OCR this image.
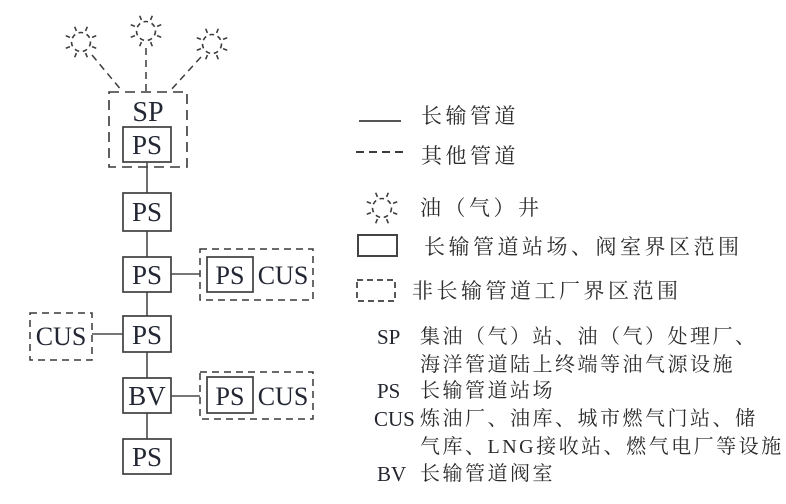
SP
PS
PS
PS PS CUS
PS
CUS
BV PS CUS
PS
长输管道
其他管道
油（气）井
长输管道站场、阀室界区范围
非长输管道工厂界区范围
SP 集油（气）站、油（气）处理厂、
海洋管道陆上终端等油气源设施
PS 长输管道站场
CUS 炼油厂、油库、城市燃气门站、储
气库、LNG接收站、燃气电厂等设施
BV 长输管道阀室
